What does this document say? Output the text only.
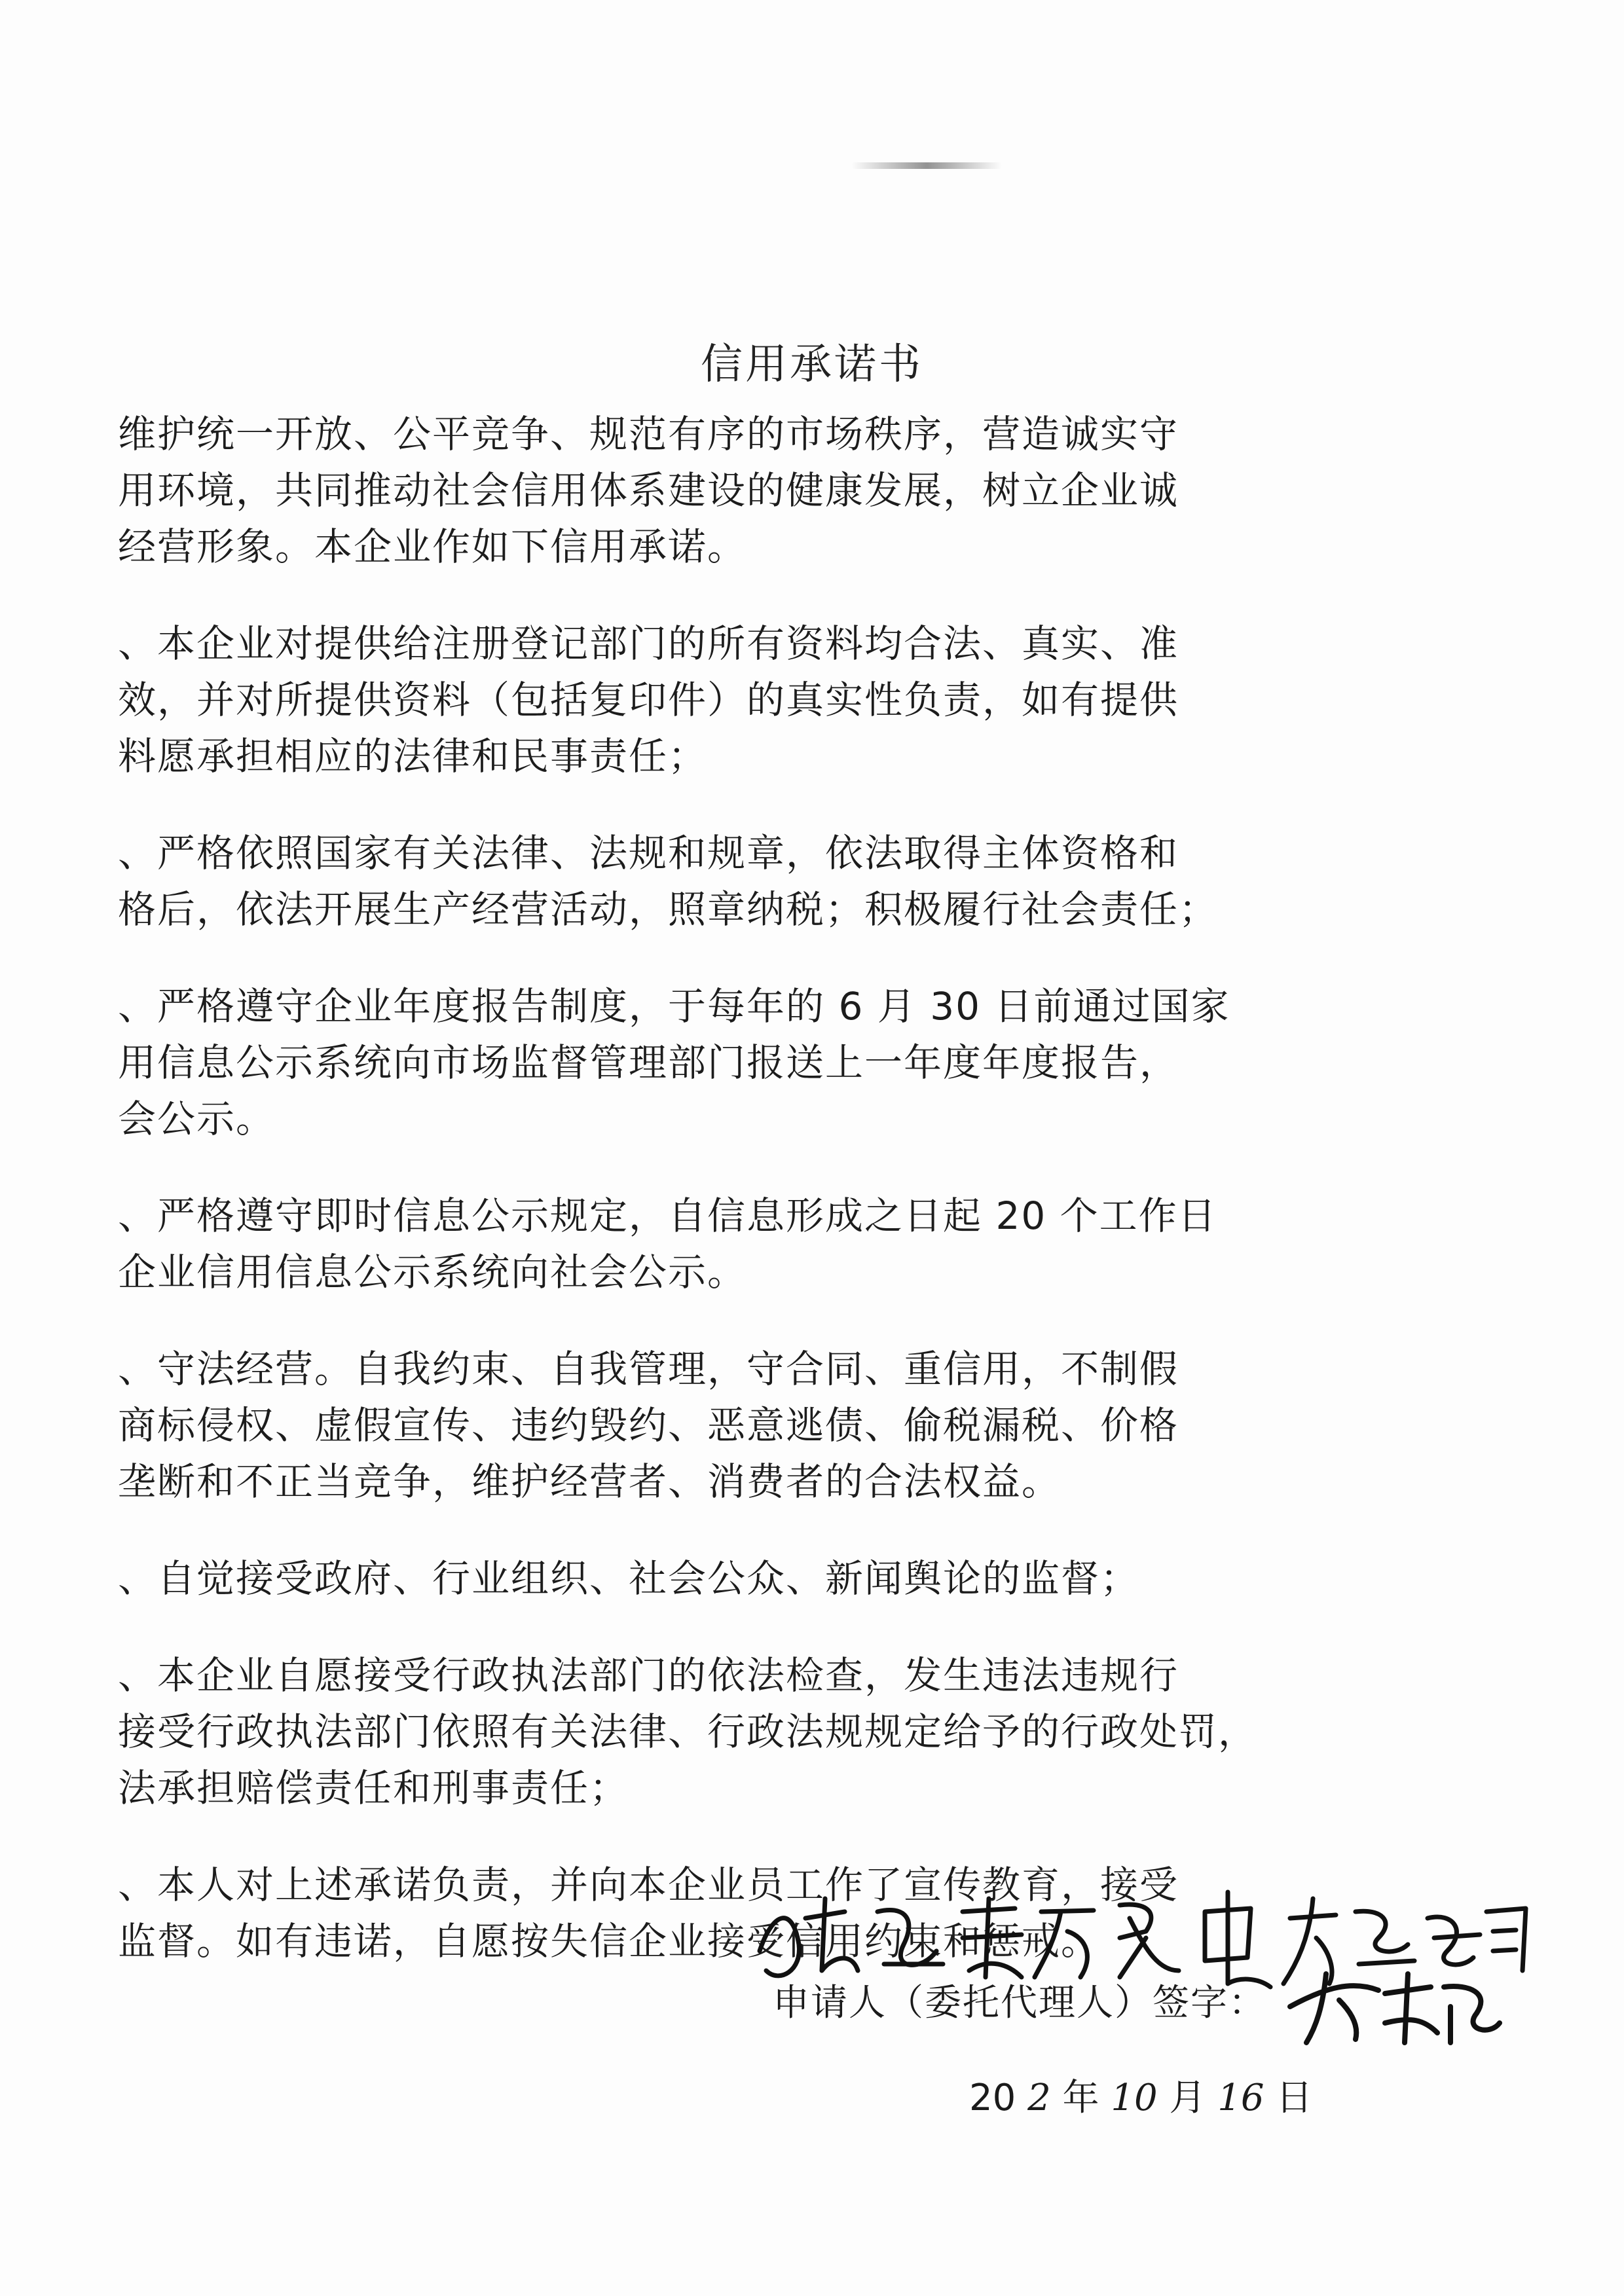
信用承诺书
维护统一开放、公平竞争、规范有序的市场秩序，营造诚实守
用环境，共同推动社会信用体系建设的健康发展，树立企业诚
经营形象。本企业作如下信用承诺。
、本企业对提供给注册登记部门的所有资料均合法、真实、准
效，并对所提供资料（包括复印件）的真实性负责，如有提供
料愿承担相应的法律和民事责任；
、严格依照国家有关法律、法规和规章，依法取得主体资格和
格后，依法开展生产经营活动，照章纳税；积极履行社会责任；
、严格遵守企业年度报告制度，于每年的 6 月 30 日前通过国家
用信息公示系统向市场监督管理部门报送上一年度年度报告，
会公示。
、严格遵守即时信息公示规定，自信息形成之日起 20 个工作日
企业信用信息公示系统向社会公示。
、守法经营。自我约束、自我管理，守合同、重信用，不制假
商标侵权、虚假宣传、违约毁约、恶意逃债、偷税漏税、价格
垄断和不正当竞争，维护经营者、消费者的合法权益。
、自觉接受政府、行业组织、社会公众、新闻舆论的监督；
、本企业自愿接受行政执法部门的依法检查，发生违法违规行
接受行政执法部门依照有关法律、行政法规规定给予的行政处罚，
法承担赔偿责任和刑事责任；
、本人对上述承诺负责，并向本企业员工作了宣传教育，接受
监督。如有违诺，自愿按失信企业接受信用约束和惩戒。
申请人（委托代理人）签字：
20 2 年 10 月 16 日
